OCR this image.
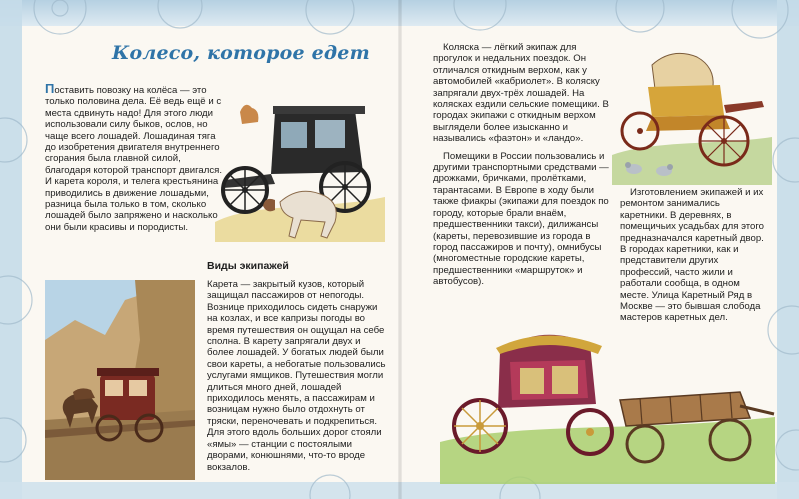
Колесо, которое едет

Поставить повозку на колёса — это только половина дела. Её ведь ещё и с места сдвинуть надо! Для этого люди использовали силу быков, ослов, но чаще всего лошадей. Лошадиная тяга до изобретения двигателя внутреннего сгорания была главной силой, благодаря которой транспорт двигался. И карета короля, и телега крестьянина приводились в движение лошадьми, разница была только в том, сколько лошадей было запряжено и насколько они были красивы и породисты.

Виды экипажей

Карета — закрытый кузов, который защищал пассажиров от непогоды. Вознице приходилось сидеть снаружи на козлах, и все капризы погоды во время путешествия он ощущал на себе сполна. В карету запрягали двух и более лошадей. У богатых людей были свои кареты, а небогатые пользовались услугами ямщиков. Путешествия могли длиться много дней, лошадей приходилось менять, а пассажирам и возницам нужно было отдохнуть от тряски, переночевать и подкрепиться. Для этого вдоль больших дорог стояли «ямы» — станции с постоялыми дворами, конюшнями, что-то вроде вокзалов.

Коляска — лёгкий экипаж для прогулок и недальних поездок. Он отличался откидным верхом, как у автомобилей «кабриолет». В коляску запрягали двух-трёх лошадей. На колясках ездили сельские помещики. В городах экипажи с откидным верхом выглядели более изысканно и назывались «фаэтон» и «ландо».

Помещики в России пользовались и другими транспортными средствами — дрожками, бричками, пролётками, тарантасами. В Европе в ходу были также фиакры (экипажи для поездок по городу, которые брали внаём, предшественники такси), дилижансы (кареты, перевозившие из города в город пассажиров и почту), омнибусы (многоместные городские кареты, предшественники «маршруток» и автобусов).

Изготовлением экипажей и их ремонтом занимались каретники. В деревнях, в помещичьих усадьбах для этого предназначался каретный двор. В городах каретники, как и представители других профессий, часто жили и работали сообща, в одном месте. Улица Каретный Ряд в Москве — это бывшая слобода мастеров каретных дел.
